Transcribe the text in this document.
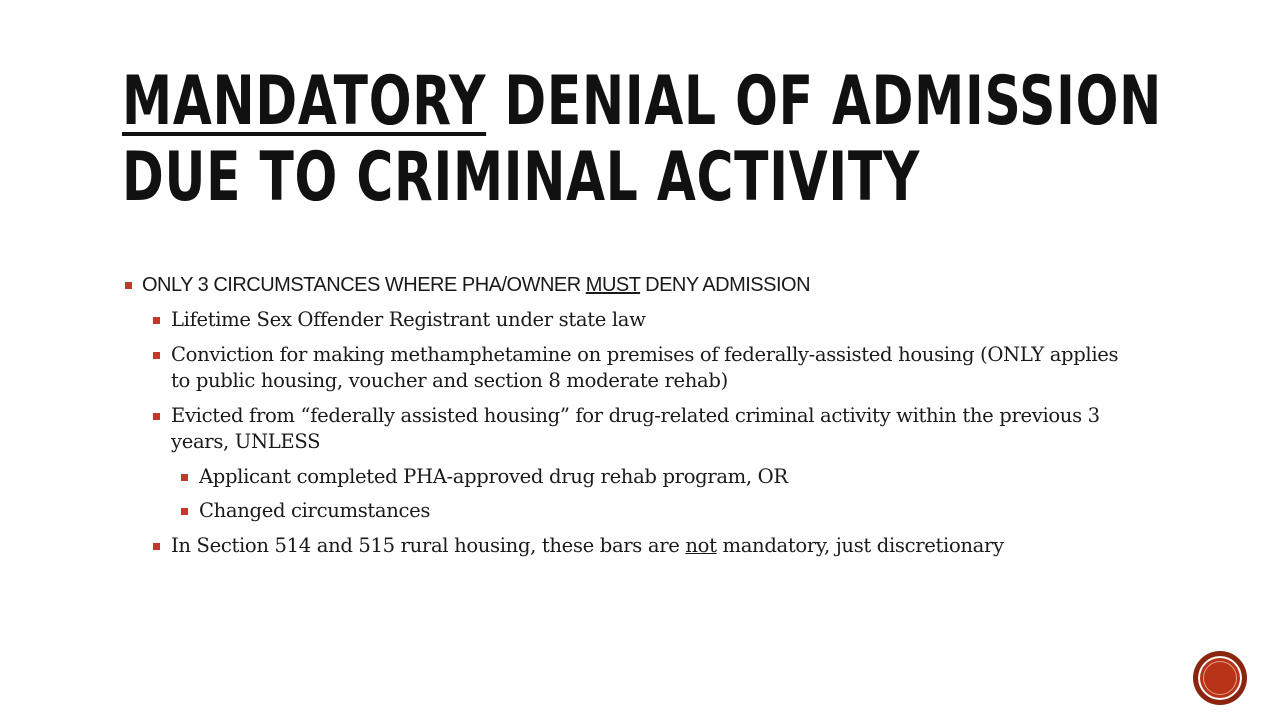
MANDATORY DENIAL OF ADMISSION DUE TO CRIMINAL ACTIVITY
ONLY 3 CIRCUMSTANCES WHERE PHA/OWNER MUST DENY ADMISSION
Lifetime Sex Offender Registrant under state law
Conviction for making methamphetamine on premises of federally-assisted housing (ONLY applies to public housing, voucher and section 8 moderate rehab)
Evicted from “federally assisted housing” for drug-related criminal activity within the previous 3 years, UNLESS
Applicant completed PHA-approved drug rehab program, OR
Changed circumstances
In Section 514 and 515 rural housing, these bars are not mandatory, just discretionary
